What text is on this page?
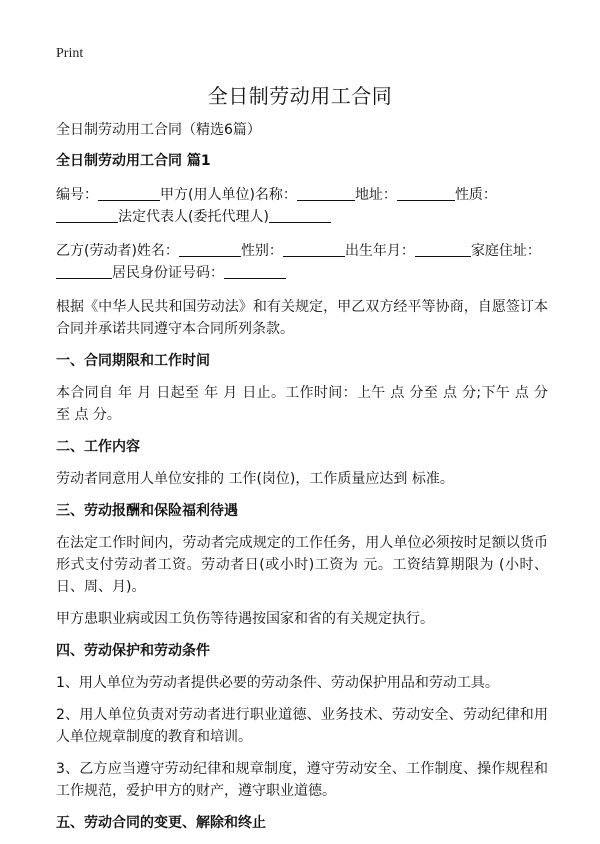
Print
全日制劳动用工合同
全日制劳动用工合同（精选6篇）
全日制劳动用工合同 篇1
编号：	甲方(用人单位)名称：	地址：	性质：
法定代表人(委托代理人)
乙方(劳动者)姓名：	性别：	出生年月：	家庭住址：
居民身份证号码：
根据《中华人民共和国劳动法》和有关规定，甲乙双方经平等协商，自愿签订本合同并承诺共同遵守本合同所列条款。
一、合同期限和工作时间
本合同自 年 月 日起至 年 月 日止。工作时间：上午 点 分至 点 分;下午 点 分至 点 分。
二、工作内容
劳动者同意用人单位安排的 工作(岗位)，工作质量应达到 标准。
三、劳动报酬和保险福利待遇
在法定工作时间内，劳动者完成规定的工作任务，用人单位必须按时足额以货币形式支付劳动者工资。劳动者日(或小时)工资为 元。工资结算期限为 (小时、日、周、月)。
甲方患职业病或因工负伤等待遇按国家和省的有关规定执行。
四、劳动保护和劳动条件
1、用人单位为劳动者提供必要的劳动条件、劳动保护用品和劳动工具。
2、用人单位负责对劳动者进行职业道德、业务技术、劳动安全、劳动纪律和用人单位规章制度的教育和培训。
3、乙方应当遵守劳动纪律和规章制度，遵守劳动安全、工作制度、操作规程和工作规范，爱护甲方的财产，遵守职业道德。
五、劳动合同的变更、解除和终止
